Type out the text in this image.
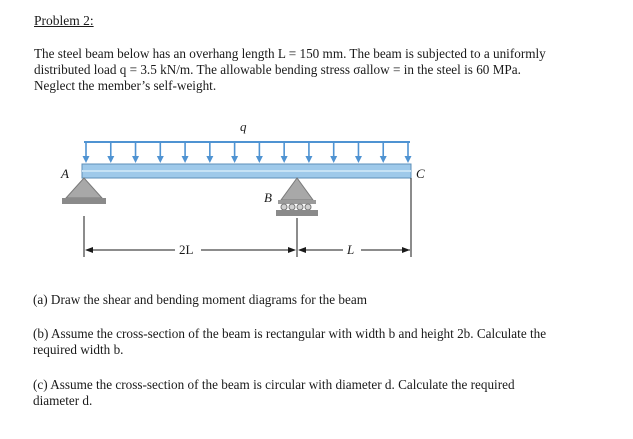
Problem 2:
The steel beam below has an overhang length L = 150 mm. The beam is subjected to a uniformly
distributed load q = 3.5 kN/m. The allowable bending stress σallow = in the steel is 60 MPa.
Neglect the member’s self-weight.
q
A
B
C
2L	L
(a) Draw the shear and bending moment diagrams for the beam
(b) Assume the cross-section of the beam is rectangular with width b and height 2b. Calculate the
required width b.
(c) Assume the cross-section of the beam is circular with diameter d. Calculate the required
diameter d.
